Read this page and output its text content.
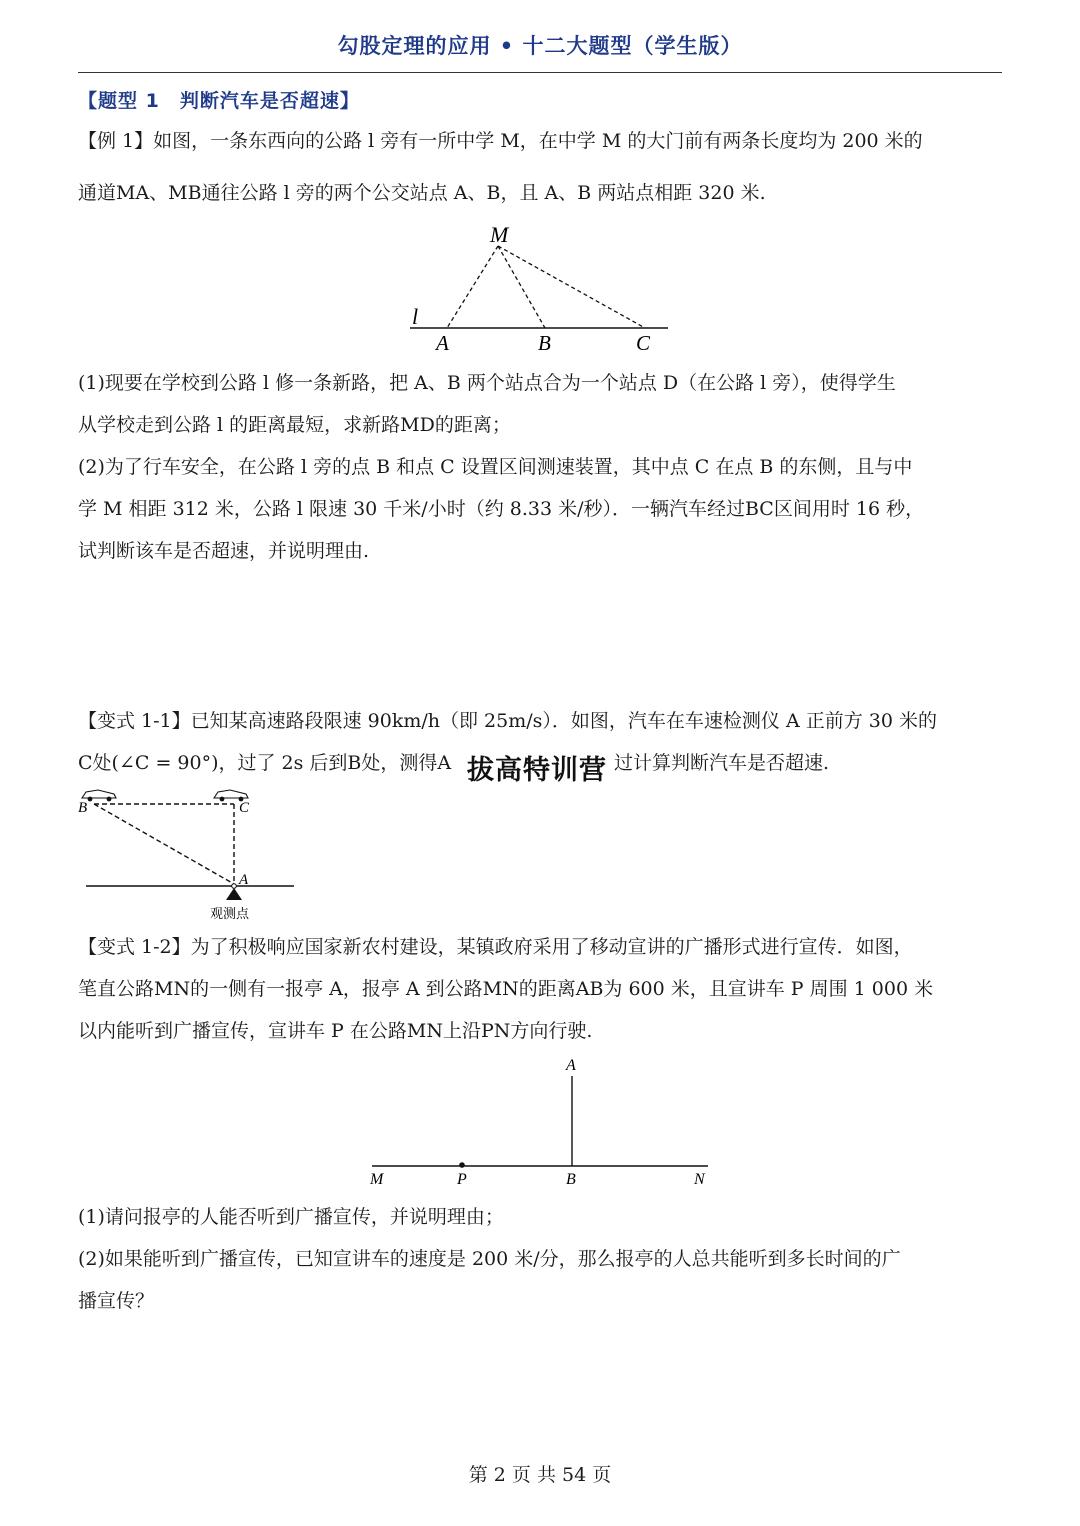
勾股定理的应用 • 十二大题型（学生版）
【题型 1　判断汽车是否超速】
【例 1】如图，一条东西向的公路 l 旁有一所中学 M，在中学 M 的大门前有两条长度均为 200 米的
通道MA、MB通往公路 l 旁的两个公交站点 A、B，且 A、B 两站点相距 320 米.
M
l
A	B	C
(1)现要在学校到公路 l 修一条新路，把 A、B 两个站点合为一个站点 D（在公路 l 旁），使得学生
从学校走到公路 l 的距离最短，求新路MD的距离；
(2)为了行车安全，在公路 l 旁的点 B 和点 C 设置区间测速装置，其中点 C 在点 B 的东侧，且与中
学 M 相距 312 米，公路 l 限速 30 千米/小时（约 8.33 米/秒）．一辆汽车经过BC区间用时 16 秒，
试判断该车是否超速，并说明理由.
【变式 1-1】已知某高速路段限速 90km/h（即 25m/s）．如图，汽车在车速检测仪 A 正前方 30 米的
C处(∠C = 90°)，过了 2s 后到B处，测得A	过计算判断汽车是否超速.
拔高特训营
B	C
A
观测点
【变式 1-2】为了积极响应国家新农村建设，某镇政府采用了移动宣讲的广播形式进行宣传．如图，
笔直公路MN的一侧有一报亭 A，报亭 A 到公路MN的距离AB为 600 米，且宣讲车 P 周围 1 000 米
以内能听到广播宣传，宣讲车 P 在公路MN上沿PN方向行驶.
A
M	P	B	N
(1)请问报亭的人能否听到广播宣传，并说明理由；
(2)如果能听到广播宣传，已知宣讲车的速度是 200 米/分，那么报亭的人总共能听到多长时间的广
播宣传？
第 2 页 共 54 页
